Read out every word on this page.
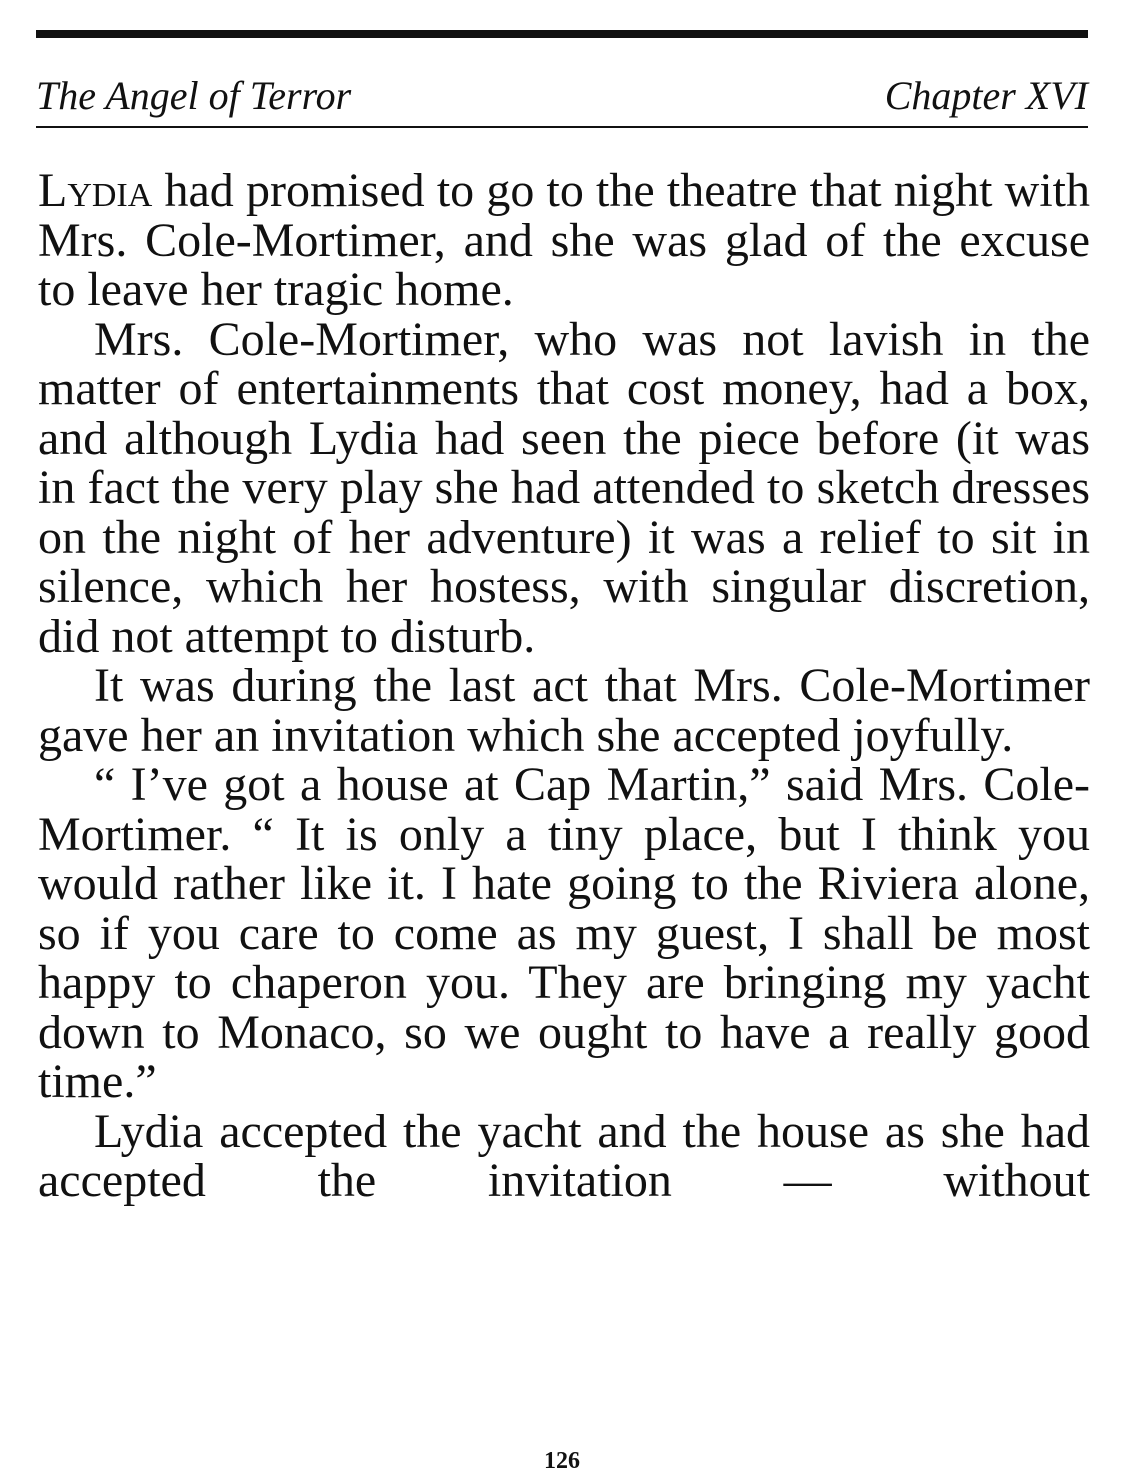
The Angel of Terror	Chapter XVI

Lydia had promised to go to the theatre that night with Mrs. Cole-Mortimer, and she was glad of the excuse to leave her tragic home.

Mrs. Cole-Mortimer, who was not lavish in the matter of entertainments that cost money, had a box, and although Lydia had seen the piece before (it was in fact the very play she had attended to sketch dresses on the night of her adventure) it was a relief to sit in silence, which her hostess, with singular discretion, did not attempt to disturb.

It was during the last act that Mrs. Cole-Mortimer gave her an invitation which she accepted joyfully.

“ I’ve got a house at Cap Martin,” said Mrs. Cole-Mortimer. “ It is only a tiny place, but I think you would rather like it. I hate going to the Riviera alone, so if you care to come as my guest, I shall be most happy to chaperon you. They are bringing my yacht down to Monaco, so we ought to have a really good time.”

Lydia accepted the yacht and the house as she had accepted the invitation — without

126
